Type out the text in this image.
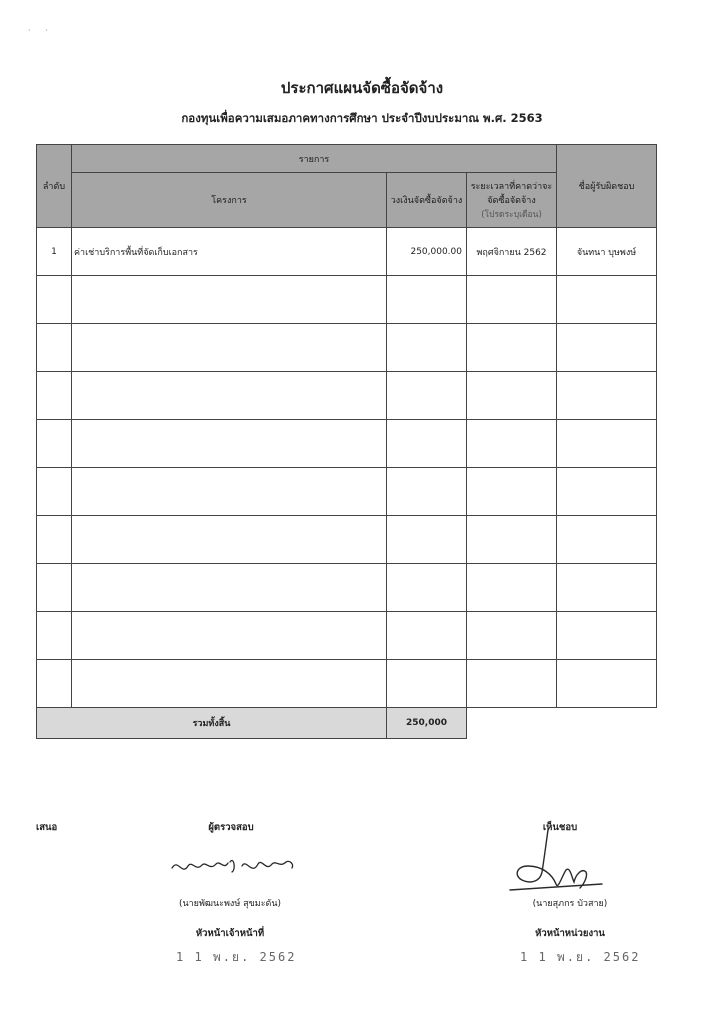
· ·
ประกาศแผนจัดซื้อจัดจ้าง
กองทุนเพื่อความเสมอภาคทางการศึกษา ประจำปีงบประมาณ พ.ศ. 2563
ลำดับ	รายการ			ชื่อผู้รับผิดชอบ
	โครงการ	วงเงินจัดซื้อจัดจ้าง	ระยะเวลาที่คาดว่าจะ
จัดซื้อจัดจ้าง
(โปรดระบุเดือน)	

1	ค่าเช่าบริการพื้นที่จัดเก็บเอกสาร	250,000.00	พฤศจิกายน 2562	จันทนา บุษพงษ์

รวมทั้งสิ้น		250,000		
เสนอ	ผู้ตรวจสอบ
(นายพัฒนะพงษ์ สุขมะดัน)
หัวหน้าเจ้าหน้าที่
1 1 พ.ย. 2562
เห็นชอบ
(นายสุภกร บัวสาย)
หัวหน้าหน่วยงาน
1 1 พ.ย. 2562
